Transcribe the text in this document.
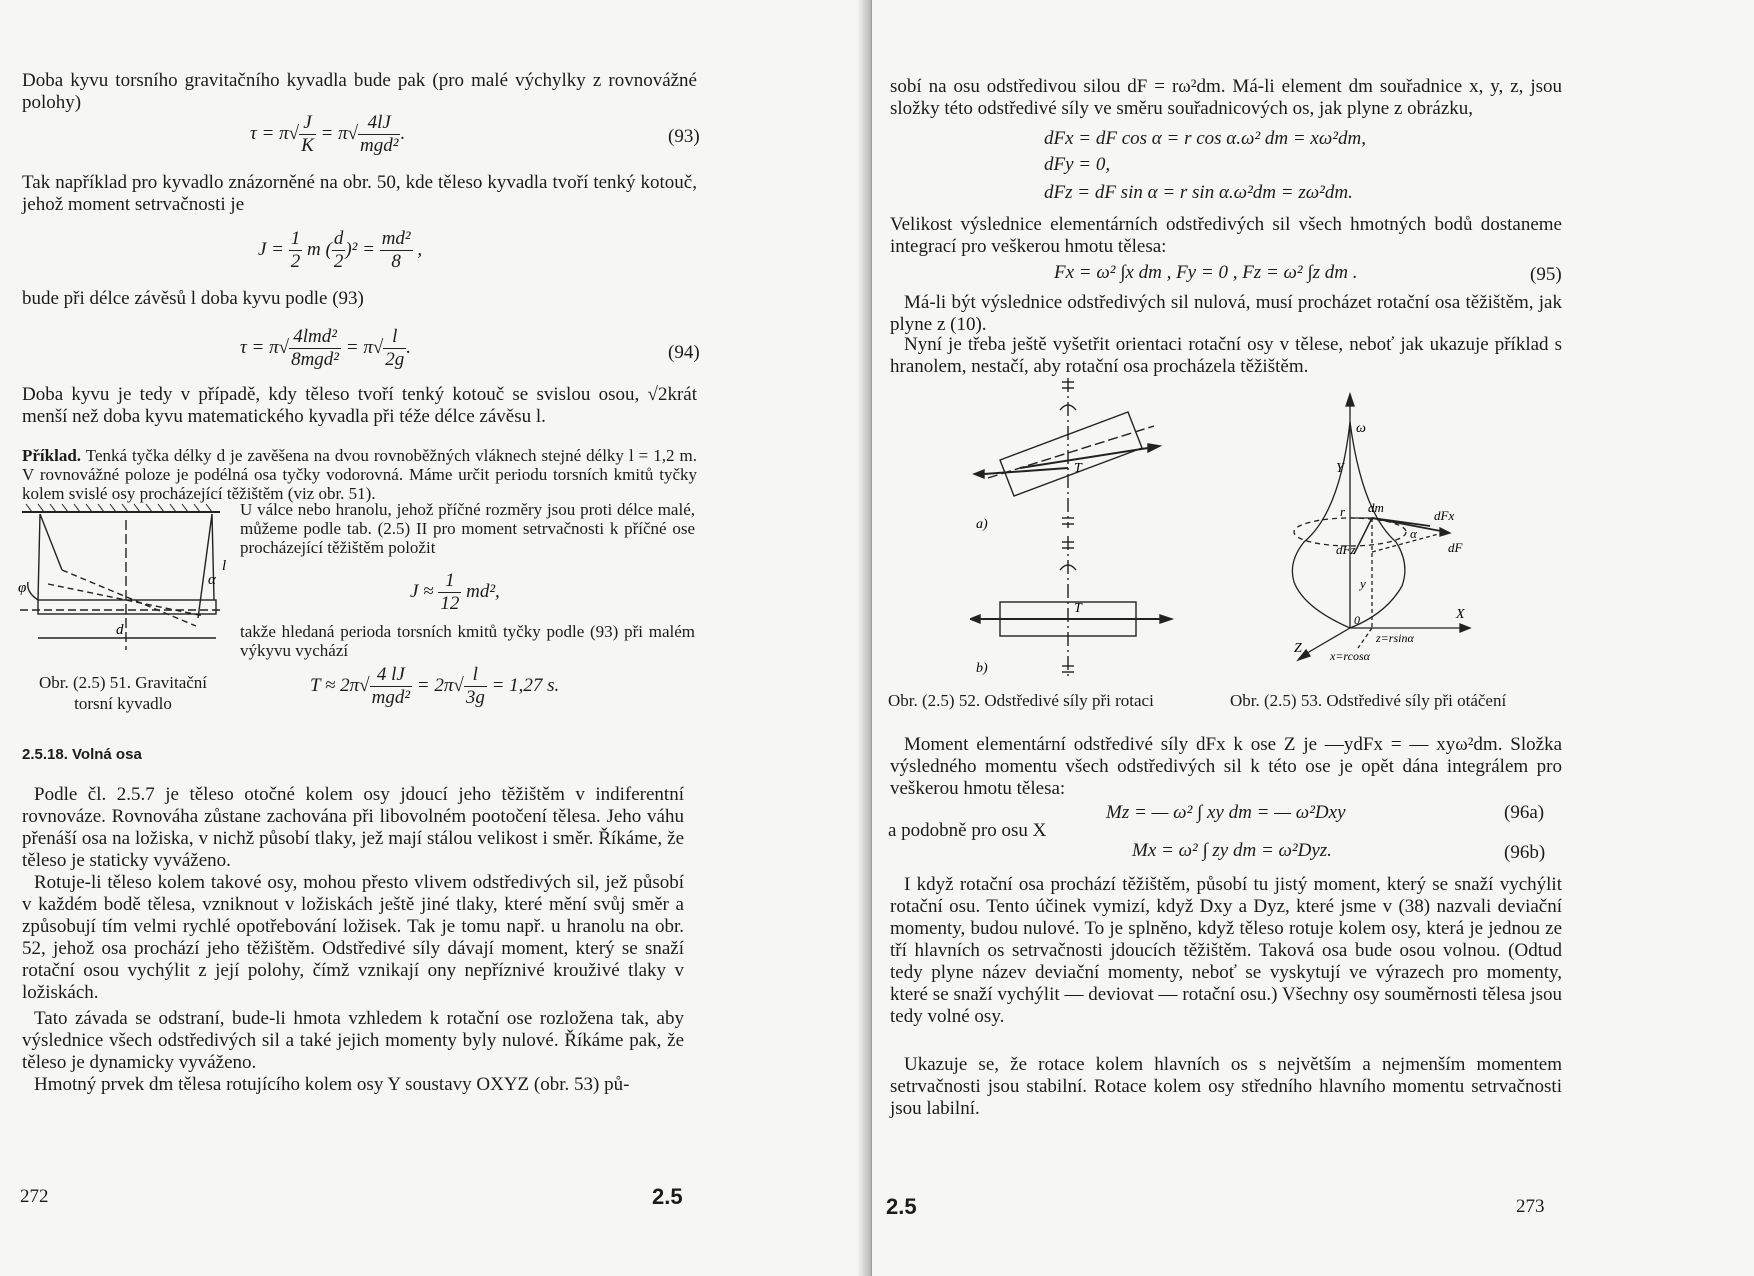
Doba kyvu torsního gravitačního kyvadla bude pak (pro malé výchylky z rovnovážné polohy)

$\tau = \pi√ \frac{J}{K} = \pi√ \frac{4lJ}{\text{mgd²}}$ .	(93)

Tak například pro kyvadlo znázorněné na obr. 50, kde těleso kyvadla tvoří tenký kotouč, jehož moment setrvačnosti je

$J = \frac{1}{2}$ m ( $\frac{d}{2} )^2 = \frac{\text{md²}}{8}$ ,

bude při délce závěsů l doba kyvu podle (93)

$\tau = \pi√ \frac{\text{4lmd²}}{\text{8mgd²}} = \pi√ \frac{l}{2g}$ .	(94)

Doba kyvu je tedy v případě, kdy těleso tvoří tenký kotouč se svislou osou, √2krát menší než doba kyvu matematického kyvadla při téže délce závěsu l.

Příklad. Tenká tyčka délky d je zavěšena na dvou rovnoběžných vláknech stejné délky l = 1,2 m. V rovnovážné poloze je podélná osa tyčky vodorovná. Máme určit periodu torsních kmitů tyčky kolem svislé osy procházející těžištěm (viz obr. 51).
φ	α
l
d
U válce nebo hranolu, jehož příčné rozměry jsou proti délce malé, můžeme podle tab. (2.5) II pro moment setrvačnosti k příčné ose procházející těžištěm položit
$J \approx \frac{1}{12} md^2$,
takže hledaná perioda torsních kmitů tyčky podle (93) při malém výkyvu vychází
$T \approx 2\pi√ \frac{4 lJ}{\text{mgd²}} = 2\pi√ \frac{l}{3g} = 1,27$ s.
Obr. (2.5) 51. Gravitační torsní kyvadlo
2.5.18. Volná osa

Podle čl. 2.5.7 je těleso otočné kolem osy jdoucí jeho těžištěm v indiferentní rovnováze. Rovnováha zůstane zachována při libovolném pootočení tělesa. Jeho váhu přenáší osa na ložiska, v nichž působí tlaky, jež mají stálou velikost i směr. Říkáme, že těleso je staticky vyváženo.

Rotuje-li těleso kolem takové osy, mohou přesto vlivem odstředivých sil, jež působí v každém bodě tělesa, vzniknout v ložiskách ještě jiné tlaky, které mění svůj směr a způsobují tím velmi rychlé opotřebování ložisek. Tak je tomu např. u hranolu na obr. 52, jehož osa prochází jeho těžištěm. Odstředivé síly dávají moment, který se snaží rotační osou vychýlit z její polohy, čímž vznikají ony nepříznivé krouživé tlaky v ložiskách.

Tato závada se odstraní, bude-li hmota vzhledem k rotační ose rozložena tak, aby výslednice všech odstředivých sil a také jejich momenty byly nulové. Říkáme pak, že těleso je dynamicky vyváženo.

Hmotný prvek dm tělesa rotujícího kolem osy Y soustavy OXYZ (obr. 53) pů-

272	2.5

sobí na osu odstředivou silou dF = rω²dm. Má-li element dm souřadnice x, y, z, jsou složky této odstředivé síly ve směru souřadnicových os, jak plyne z obrázku,

dFx = dF cos α = r cos α.ω² dm = xω²dm,
dFy = 0,
dFz = dF sin α = r sin α.ω²dm = zω²dm.

Velikost výslednice elementárních odstředivých sil všech hmotných bodů dostaneme integrací pro veškerou hmotu tělesa:

Fx = ω² ∫x dm , Fy = 0 , Fz = ω² ∫z dm .	(95)

Má-li být výslednice odstředivých sil nulová, musí procházet rotační osa těžištěm, jak plyne z (10).

Nyní je třeba ještě vyšetřit orientaci rotační osy v tělese, neboť jak ukazuje příklad s hranolem, nestačí, aby rotační osa procházela těžištěm.

T
T
a)
b)
ω
Y
r dm
dFx
dFz
α
dF
0	X
Z
z=rsinα
x=rcosα
y
Obr. (2.5) 52. Odstředivé síly při rotaci	Obr. (2.5) 53. Odstředivé síly při otáčení

Moment elementární odstředivé síly dFx k ose Z je —ydFx = — xyω²dm. Složka výsledného momentu všech odstředivých sil k této ose je opět dána integrálem pro veškerou hmotu tělesa:

Mz = — ω² ∫ xy dm = — ω²Dxy	(96a)
a podobně pro osu X
Mx = ω² ∫ zy dm = ω²Dyz.	(96b)

I když rotační osa prochází těžištěm, působí tu jistý moment, který se snaží vychýlit rotační osu. Tento účinek vymizí, když Dxy a Dyz, které jsme v (38) nazvali deviační momenty, budou nulové. To je splněno, když těleso rotuje kolem osy, která je jednou ze tří hlavních os setrvačnosti jdoucích těžištěm. Taková osa bude osou volnou. (Odtud tedy plyne název deviační momenty, neboť se vyskytují ve výrazech pro momenty, které se snaží vychýlit — deviovat — rotační osu.) Všechny osy souměrnosti tělesa jsou tedy volné osy.

Ukazuje se, že rotace kolem hlavních os s největším a nejmenším momentem setrvačnosti jsou stabilní. Rotace kolem osy středního hlavního momentu setrvačnosti jsou labilní.

2.5	273
